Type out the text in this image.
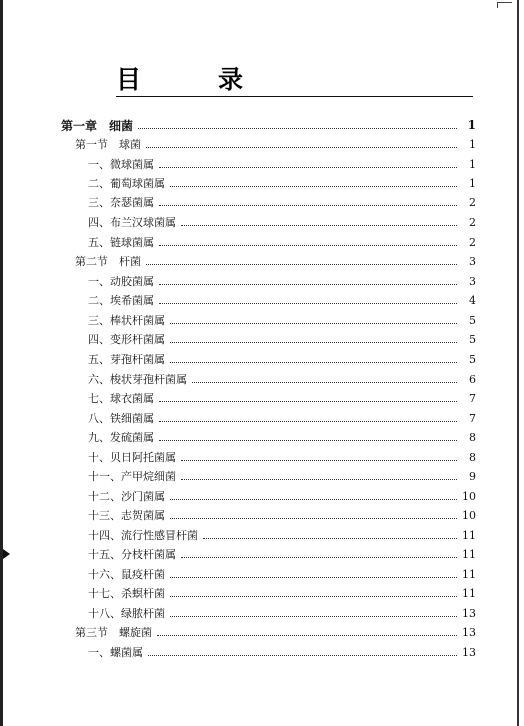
目　录
第一章　细菌	1
第一节　球菌	1
一、微球菌属	1
二、葡萄球菌属	1
三、奈瑟菌属	2
四、布兰汉球菌属	2
五、链球菌属	2
第二节　杆菌	3
一、动胶菌属	3
二、埃希菌属	4
三、棒状杆菌属	5
四、变形杆菌属	5
五、芽孢杆菌属	5
六、梭状芽孢杆菌属	6
七、球衣菌属	7
八、铁细菌属	7
九、发硫菌属	8
十、贝日阿托菌属	8
十一、产甲烷细菌	9
十二、沙门菌属	10
十三、志贺菌属	10
十四、流行性感冒杆菌	11
十五、分枝杆菌属	11
十六、鼠疫杆菌	11
十七、杀螟杆菌	11
十八、绿脓杆菌	13
第三节　螺旋菌	13
一、螺菌属	13
